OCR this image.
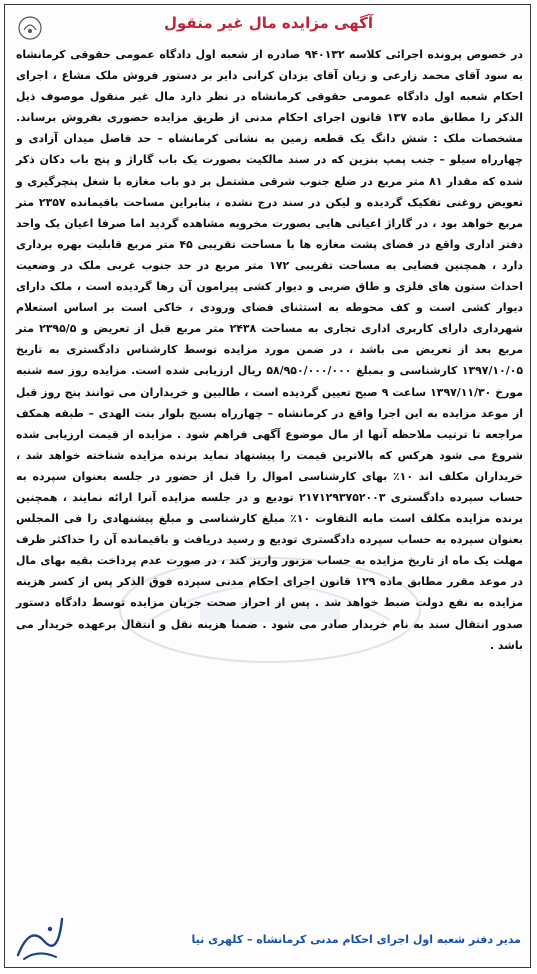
آگهی مزایده مال غیر منقول

در خصوص پرونده اجرائی کلاسه ۹۴۰۱۳۲ صادره از شعبه اول دادگاه عمومی حقوقی کرمانشاه به سود آقای محمد زارعی و زیان آقای یزدان کرانی دایر بر دستور فروش ملک مشاع ، اجرای احکام شعبه اول دادگاه عمومی حقوقی کرمانشاه در نظر دارد مال غیر منقول موصوف ذیل الذکر را مطابق ماده ۱۳۷ قانون اجرای احکام مدنی از طریق مزایده حضوری بفروش برساند. مشخصات ملک : شش دانگ یک قطعه زمین به نشانی کرمانشاه – حد فاصل میدان آزادی و چهارراه سیلو – جنب پمپ بنزین که در سند مالکیت بصورت یک باب گاراژ و پنج باب دکان ذکر شده که مقدار ۸۱ متر مربع در ضلع جنوب شرقی مشتمل بر دو باب مغازه با شغل پنچرگیری و تعویض روغنی تفکیک گردیده و لیکن در سند درج نشده ، بنابراین مساحت باقیمانده ۲۳۵۷ متر مربع خواهد بود ، در گاراژ اعیانی هایی بصورت مخروبه مشاهده گردید اما صرفا اعیان یک واحد دفتر اداری واقع در فضای پشت مغازه ها با مساحت تقریبی ۴۵ متر مربع قابلیت بهره برداری دارد ، همچنین فضایی به مساحت تقریبی ۱۷۲ متر مربع در حد جنوب غربی ملک در وضعیت احداث ستون های فلزی و طاق ضربی و دیوار کشی پیرامون آن رها گردیده است ، ملک دارای دیوار کشی است و کف محوطه به استثنای فضای ورودی ، خاکی است بر اساس استعلام شهرداری دارای کاربری اداری تجاری به مساحت ۲۴۳۸ متر مربع قبل از تعریض و ۲۳۹۵/۵ متر مربع بعد از تعریض می باشد ، در ضمن مورد مزایده توسط کارشناس دادگستری به تاریخ ۱۳۹۷/۱۰/۰۵ کارشناسی و بمبلغ ۵۸/۹۵۰/۰۰۰/۰۰۰ ریال ارزیابی شده است. مزایده روز سه شنبه مورخ ۱۳۹۷/۱۱/۳۰ ساعت ۹ صبح تعیین گردیده است ، طالبین و خریداران می توانند پنج روز قبل از موعد مزایده به این اجرا واقع در کرمانشاه – چهارراه بسیج بلوار بنت الهدی – طبقه همکف مراجعه تا ترتیب ملاحظه آنها از مال موضوع آگهی فراهم شود . مزایده از قیمت ارزیابی شده شروع می شود هرکس که بالاترین قیمت را پیشنهاد نماید برنده مزایده شناخته خواهد شد ، خریداران مکلف اند ۱۰٪ بهای کارشناسی اموال را قبل از حضور در جلسه بعنوان سپرده به حساب سپرده دادگستری ۲۱۷۱۲۹۳۷۵۲۰۰۳ تودیع و در جلسه مزایده آنرا ارائه نمایند ، همچنین برنده مزایده مکلف است مابه التفاوت ۱۰٪ مبلغ کارشناسی و مبلغ پیشنهادی را فی المجلس بعنوان سپرده به حساب سپرده دادگستری تودیع و رسید دریافت و باقیمانده آن را حداکثر ظرف مهلت یک ماه از تاریخ مزایده به حساب مزبور واریز کند ، در صورت عدم پرداخت بقیه بهای مال در موعد مقرر مطابق ماده ۱۲۹ قانون اجرای احکام مدنی سپرده فوق الذکر پس از کسر هزینه مزایده به نفع دولت ضبط خواهد شد . پس از احراز صحت جریان مزایده توسط دادگاه دستور صدور انتقال سند به نام خریدار صادر می شود . ضمنا هزینه نقل و انتقال برعهده خریدار می باشد .

مدیر دفتر شعبه اول اجرای احکام مدنی کرمانشاه – کلهری نیا
